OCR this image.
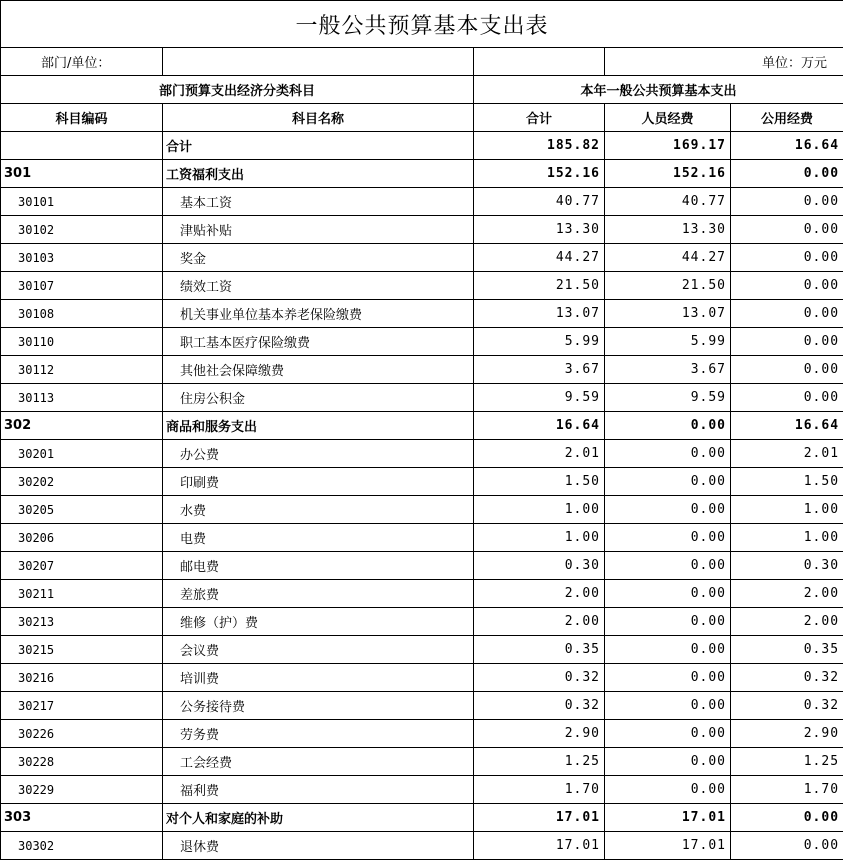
一般公共预算基本支出表				
部门/单位：			单位：万元	
部门预算支出经济分类科目		本年一般公共预算基本支出		
科目编码	科目名称	合计	人员经费	公用经费
	合计	185.82	169.17	16.64
301	工资福利支出	152.16	152.16	0.00
30101	基本工资	40.77	40.77	0.00
30102	津贴补贴	13.30	13.30	0.00
30103	奖金	44.27	44.27	0.00
30107	绩效工资	21.50	21.50	0.00
30108	机关事业单位基本养老保险缴费	13.07	13.07	0.00
30110	职工基本医疗保险缴费	5.99	5.99	0.00
30112	其他社会保障缴费	3.67	3.67	0.00
30113	住房公积金	9.59	9.59	0.00
302	商品和服务支出	16.64	0.00	16.64
30201	办公费	2.01	0.00	2.01
30202	印刷费	1.50	0.00	1.50
30205	水费	1.00	0.00	1.00
30206	电费	1.00	0.00	1.00
30207	邮电费	0.30	0.00	0.30
30211	差旅费	2.00	0.00	2.00
30213	维修（护）费	2.00	0.00	2.00
30215	会议费	0.35	0.00	0.35
30216	培训费	0.32	0.00	0.32
30217	公务接待费	0.32	0.00	0.32
30226	劳务费	2.90	0.00	2.90
30228	工会经费	1.25	0.00	1.25
30229	福利费	1.70	0.00	1.70
303	对个人和家庭的补助	17.01	17.01	0.00
30302	退休费	17.01	17.01	0.00
